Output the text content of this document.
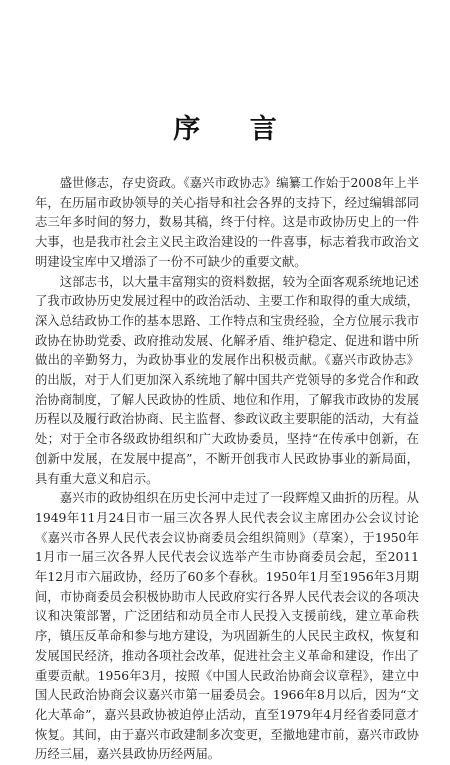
序 言

盛世修志，存史资政。《嘉兴市政协志》编纂工作始于2008年上半年，在历届市政协领导的关心指导和社会各界的支持下，经过编辑部同志三年多时间的努力，数易其稿，终于付梓。这是市政协历史上的一件大事，也是我市社会主义民主政治建设的一件喜事，标志着我市政治文明建设宝库中又增添了一份不可缺少的重要文献。

这部志书，以大量丰富翔实的资料数据，较为全面客观系统地记述了我市政协历史发展过程中的政治活动、主要工作和取得的重大成绩，深入总结政协工作的基本思路、工作特点和宝贵经验，全方位展示我市政协在协助党委、政府推动发展、化解矛盾、维护稳定、促进和谐中所做出的辛勤努力，为政协事业的发展作出积极贡献。《嘉兴市政协志》的出版，对于人们更加深入系统地了解中国共产党领导的多党合作和政治协商制度，了解人民政协的性质、地位和作用，了解我市政协的发展历程以及履行政治协商、民主监督、参政议政主要职能的活动，大有益处；对于全市各级政协组织和广大政协委员，坚持“在传承中创新，在创新中发展，在发展中提高”，不断开创我市人民政协事业的新局面，具有重大意义和启示。

嘉兴市的政协组织在历史长河中走过了一段辉煌又曲折的历程。从1949年11月24日市一届三次各界人民代表会议主席团办公会议讨论《嘉兴市各界人民代表会议协商委员会组织简则》（草案），于1950年1月市一届三次各界人民代表会议选举产生市协商委员会起，至2011年12月市六届政协，经历了60多个春秋。1950年1月至1956年3月期间，市协商委员会积极协助市人民政府实行各界人民代表会议的各项决议和决策部署，广泛团结和动员全市人民投入支援前线，建立革命秩序，镇压反革命和参与地方建设，为巩固新生的人民民主政权，恢复和发展国民经济，推动各项社会改革，促进社会主义革命和建设，作出了重要贡献。1956年3月，按照《中国人民政治协商会议章程》，建立中国人民政治协商会议嘉兴市第一届委员会。1966年8月以后，因为“文化大革命”，嘉兴县政协被迫停止活动，直至1979年4月经省委同意才恢复。其间，由于嘉兴市政建制多次变更，至撤地建市前，嘉兴市政协历经三届，嘉兴县政协历经两届。
